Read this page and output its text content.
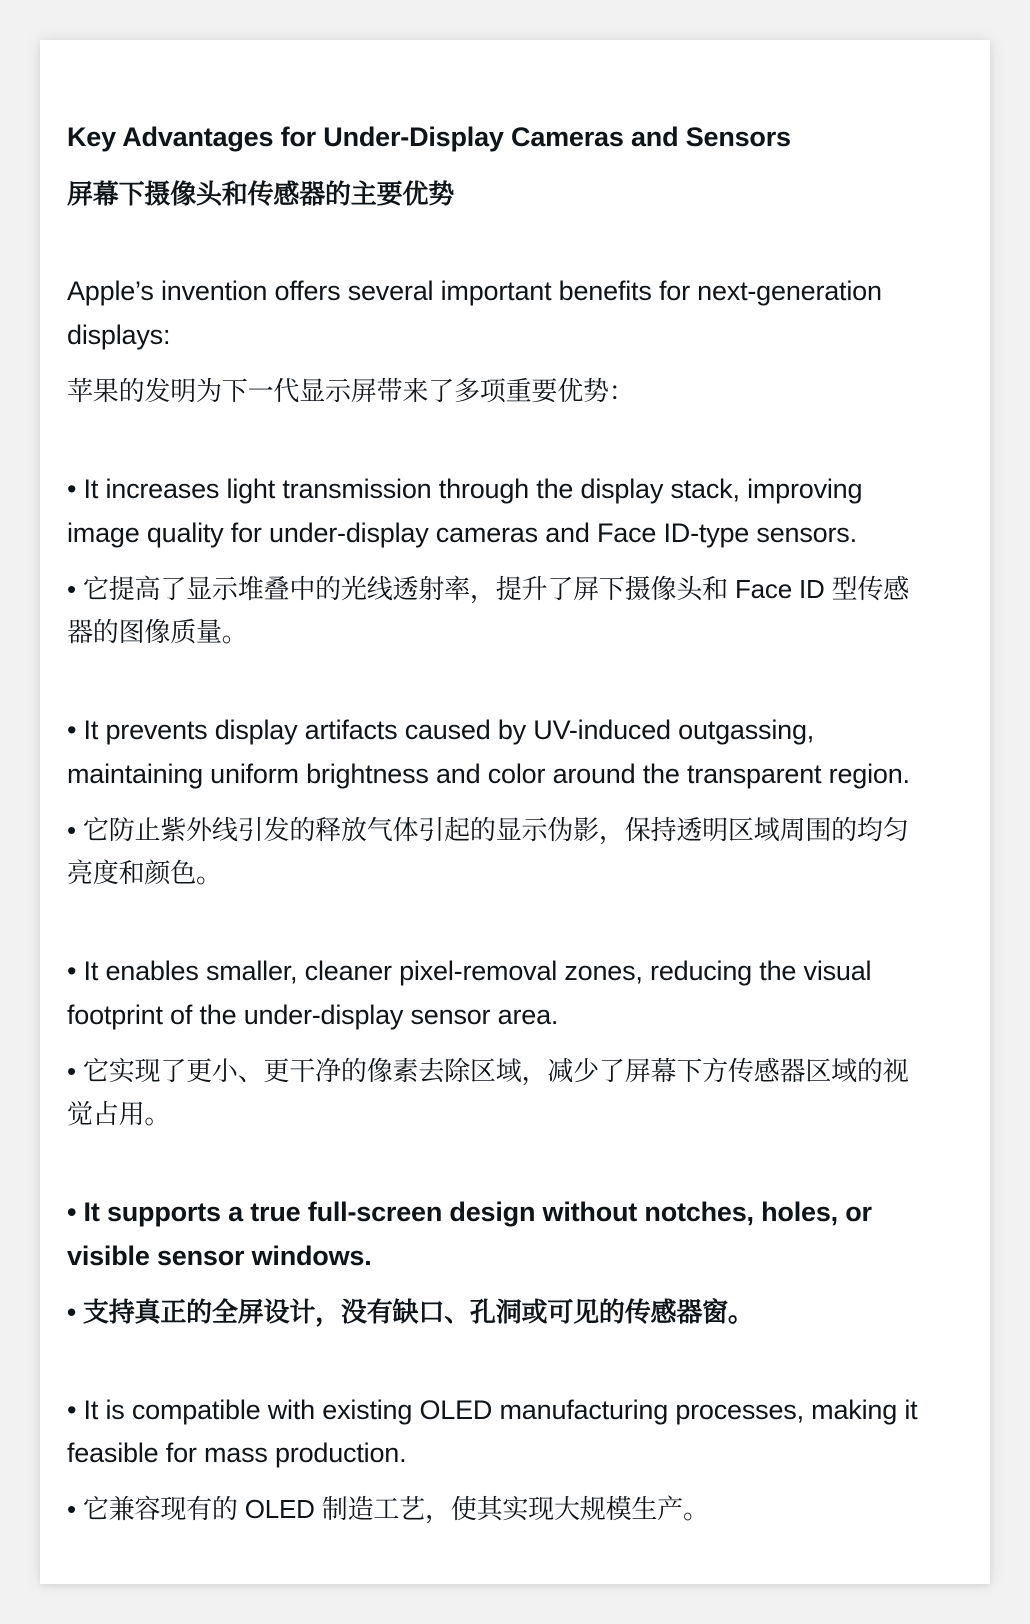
Key Advantages for Under-Display Cameras and Sensors
屏幕下摄像头和传感器的主要优势
Apple’s invention offers several important benefits for next-generation
displays:
苹果的发明为下一代显示屏带来了多项重要优势：
• It increases light transmission through the display stack, improving
image quality for under-display cameras and Face ID-type sensors.
• 它提高了显示堆叠中的光线透射率，提升了屏下摄像头和 Face ID 型传感
器的图像质量。
• It prevents display artifacts caused by UV-induced outgassing,
maintaining uniform brightness and color around the transparent region.
• 它防止紫外线引发的释放气体引起的显示伪影，保持透明区域周围的均匀
亮度和颜色。
• It enables smaller, cleaner pixel-removal zones, reducing the visual
footprint of the under-display sensor area.
• 它实现了更小、更干净的像素去除区域，减少了屏幕下方传感器区域的视
觉占用。
• It supports a true full-screen design without notches, holes, or
visible sensor windows.
• 支持真正的全屏设计，没有缺口、孔洞或可见的传感器窗。
• It is compatible with existing OLED manufacturing processes, making it
feasible for mass production.
• 它兼容现有的 OLED 制造工艺，使其实现大规模生产。
